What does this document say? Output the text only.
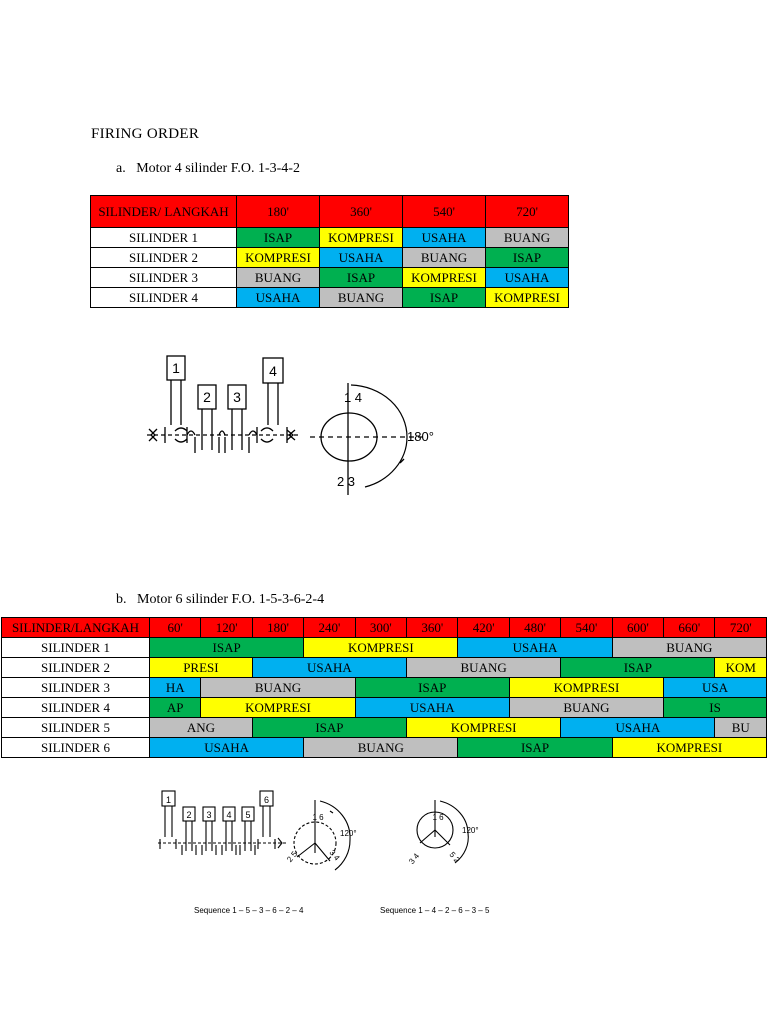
FIRING ORDER
a. Motor 4 silinder F.O. 1-3-4-2
SILINDER/ LANGKAH	180'	360'	540'	720'
SILINDER 1	ISAP	KOMPRESI	USAHA	BUANG
SILINDER 2	KOMPRESI	USAHA	BUANG	ISAP
SILINDER 3	BUANG	ISAP	KOMPRESI	USAHA
SILINDER 4	USAHA	BUANG	ISAP	KOMPRESI
1
2 3
4
1 4
2 3
180°
b. Motor 6 silinder F.O. 1-5-3-6-2-4
SILINDER/LANGKAH	60'	120'	180'	240'	300'	360'	420'	480'	540'	600'	660'	720'
SILINDER 1	ISAP			KOMPRESI			USAHA			BUANG		
SILINDER 2	PRESI		USAHA			BUANG			ISAP			KOM
SILINDER 3	HA	BUANG			ISAP			KOMPRESI			USA	
SILINDER 4	AP	KOMPRESI			USAHA			BUANG			IS	
SILINDER 5	ANG		ISAP			KOMPRESI			USAHA			BU
SILINDER 6	USAHA			BUANG			ISAP			KOMPRESI		
1
2 3 4 5
6
1 6
120°
2 5	3 4
1 6
120°
3 4	5 2
Sequence 1 – 5 – 3 – 6 – 2 – 4	Sequence 1 – 4 – 2 – 6 – 3 – 5
